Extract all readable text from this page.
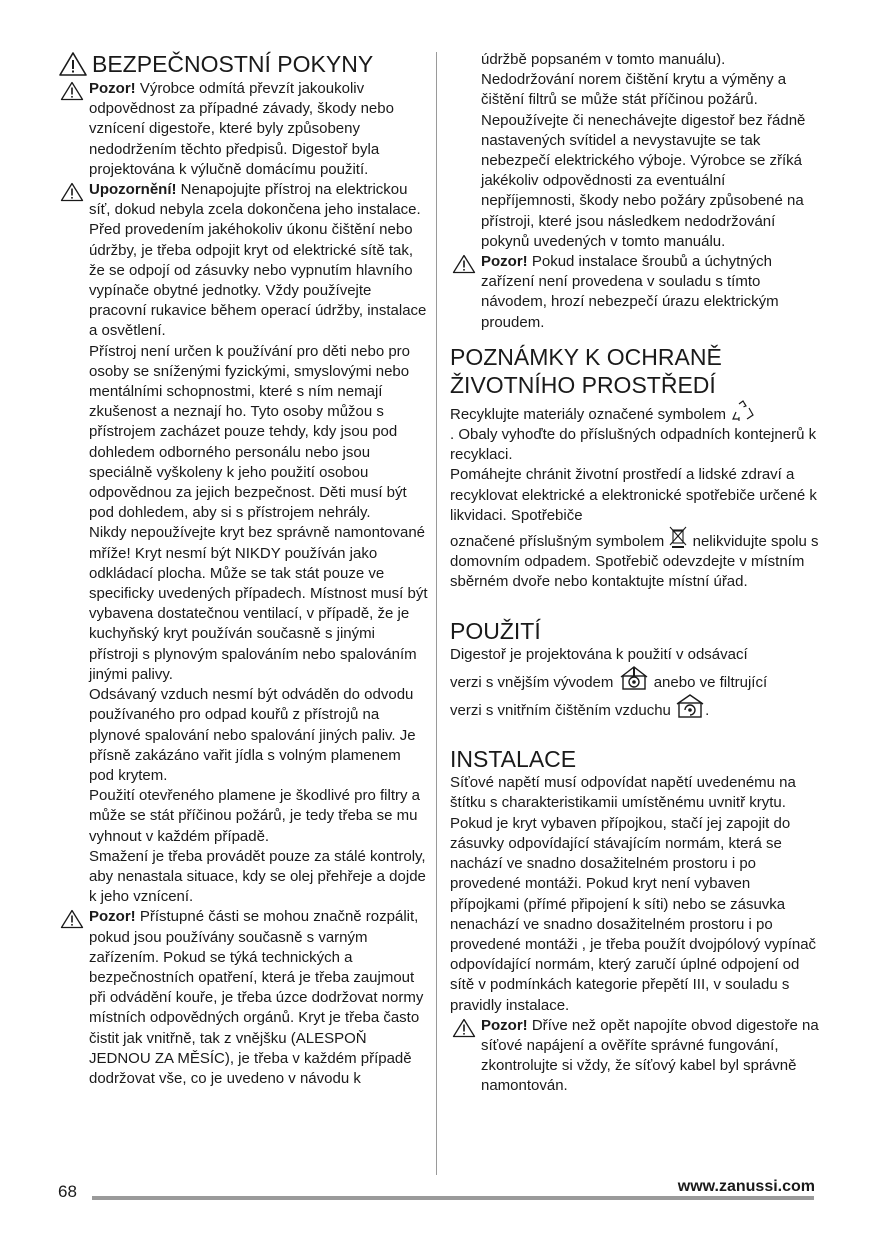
BEZPEČNOSTNÍ POKYNY

Pozor! Výrobce odmítá převzít jakoukoliv odpovědnost za případné závady, škody nebo vznícení digestoře, které byly způsobeny nedodržením těchto předpisů. Digestoř byla projektována k výlučně domácímu použití.

Upozornění! Nenapojujte přístroj na elektrickou síť, dokud nebyla zcela dokončena jeho instalace.

Před provedením jakéhokoliv úkonu čištění nebo údržby, je třeba odpojit kryt od elektrické sítě tak, že se odpojí od zásuvky nebo vypnutím hlavního vypínače obytné jednotky. Vždy používejte pracovní rukavice během operací údržby, instalace a osvětlení.

Přístroj není určen k používání pro děti nebo pro osoby se sníženými fyzickými, smyslovými nebo mentálními schopnostmi, které s ním nemají zkušenost a neznají ho. Tyto osoby můžou s přístrojem zacházet pouze tehdy, kdy jsou pod dohledem odborného personálu nebo jsou speciálně vyškoleny k jeho použití osobou odpovědnou za jejich bezpečnost. Děti musí být pod dohledem, aby si s přístrojem nehrály.

Nikdy nepoužívejte kryt bez správně namontované mříže! Kryt nesmí být NIKDY používán jako odkládací plocha. Může se tak stát pouze ve specificky uvedených případech. Místnost musí být vybavena dostatečnou ventilací, v případě, že je kuchyňský kryt používán současně s jinými přístroji s plynovým spalováním nebo spalováním jinými palivy.

Odsávaný vzduch nesmí být odváděn do odvodu používaného pro odpad kouřů z přístrojů na plynové spalování nebo spalování jiných paliv. Je přísně zakázáno vařit jídla s volným plamenem pod krytem.

Použití otevřeného plamene je škodlivé pro filtry a může se stát příčinou požárů, je tedy třeba se mu vyhnout v každém případě.

Smažení je třeba provádět pouze za stálé kontroly, aby nenastala situace, kdy se olej přehřeje a dojde k jeho vznícení.

Pozor! Přístupné části se mohou značně rozpálit, pokud jsou používány současně s varným zařízením. Pokud se týká technických a bezpečnostních opatření, která je třeba zaujmout při odvádění kouře, je třeba úzce dodržovat normy místních odpovědných orgánů. Kryt je třeba často čistit jak vnitřně, tak z vnějšku (ALESPOŇ JEDNOU ZA MĚSÍC), je třeba v každém případě dodržovat vše, co je uvedeno v návodu k

údržbě popsaném v tomto manuálu). Nedodržování norem čištění krytu a výměny a čištění filtrů se může stát příčinou požárů. Nepoužívejte či nenechávejte digestoř bez řádně nastavených svítidel a nevystavujte se tak nebezpečí elektrického výboje. Výrobce se zříká jakékoliv odpovědnosti za eventuální nepříjemnosti, škody nebo požáry způsobené na přístroji, které jsou následkem nedodržování pokynů uvedených v tomto manuálu.

Pozor! Pokud instalace šroubů a úchytných zařízení není provedena v souladu s tímto návodem, hrozí nebezpečí úrazu elektrickým proudem.

POZNÁMKY K OCHRANĚ
ŽIVOTNÍHO PROSTŘEDÍ

Recyklujte materiály označené symbolem
. Obaly vyhoďte do příslušných odpadních kontejnerů k recyklaci.

Pomáhejte chránit životní prostředí a lidské zdraví a recyklovat elektrické a elektronické spotřebiče určené k likvidaci. Spotřebiče

označené příslušným symbolem nelikvidujte spolu s domovním odpadem. Spotřebič odevzdejte v místním sběrném dvoře nebo kontaktujte místní úřad.

POUŽITÍ

Digestoř je projektována k použití v odsávací

verzi s vnějším vývodem	anebo ve filtrující

verzi s vnitřním čištěním vzduchu .

INSTALACE

Síťové napětí musí odpovídat napětí uvedenému na štítku s charakteristikamii umístěnému uvnitř krytu. Pokud je kryt vybaven přípojkou, stačí jej zapojit do zásuvky odpovídající stávajícím normám, která se nachází ve snadno dosažitelném prostoru i po provedené montáži. Pokud kryt není vybaven přípojkami (přímé připojení k síti) nebo se zásuvka nenachází ve snadno dosažitelném prostoru i po provedené montáži , je třeba použít dvojpólový vypínač odpovídající normám, který zaručí úplné odpojení od sítě v podmínkách kategorie přepětí III, v souladu s pravidly instalace.

Pozor! Dříve než opět napojíte obvod digestoře na síťové napájení a ověříte správné fungování, zkontrolujte si vždy, že síťový kabel byl správně namontován.

68	www.zanussi.com
